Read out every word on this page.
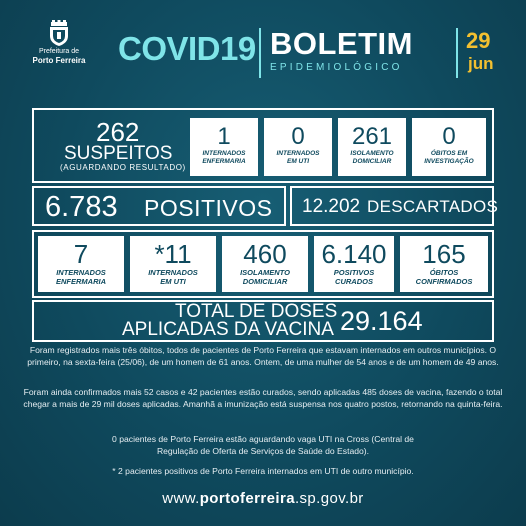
Prefeitura de
Porto Ferreira COVID19 BOLETIM
EPIDEMIOLÓGICO
29
jun
262
SUSPEITOS
(AGUARDANDO RESULTADO)
1
INTERNADOS
ENFERMARIA
0
INTERNADOS
EM UTI
261
ISOLAMENTO
DOMICILIAR
0
ÓBITOS EM
INVESTIGAÇÃO
6.783 POSITIVOS 12.202 DESCARTADOS
7
INTERNADOS
ENFERMARIA
*11
INTERNADOS
EM UTI
460
ISOLAMENTO
DOMICILIAR
6.140
POSITIVOS
CURADOS
165
ÓBITOS
CONFIRMADOS
TOTAL DE DOSES
APLICADAS DA VACINA 29.164
Foram registrados mais três óbitos, todos de pacientes de Porto Ferreira que estavam internados em outros municípios. O primeiro, na sexta-feira (25/06), de um homem de 61 anos. Ontem, de uma mulher de 54 anos e de um homem de 49 anos.
Foram ainda confirmados mais 52 casos e 42 pacientes estão curados, sendo aplicadas 485 doses de vacina, fazendo o total chegar a mais de 29 mil doses aplicadas. Amanhã a imunização está suspensa nos quatro postos, retornando na quinta-feira.
0 pacientes de Porto Ferreira estão aguardando vaga UTI na Cross (Central de Regulação de Oferta de Serviços de Saúde do Estado).
* 2 pacientes positivos de Porto Ferreira internados em UTI de outro município.
www.portoferreira.sp.gov.br
